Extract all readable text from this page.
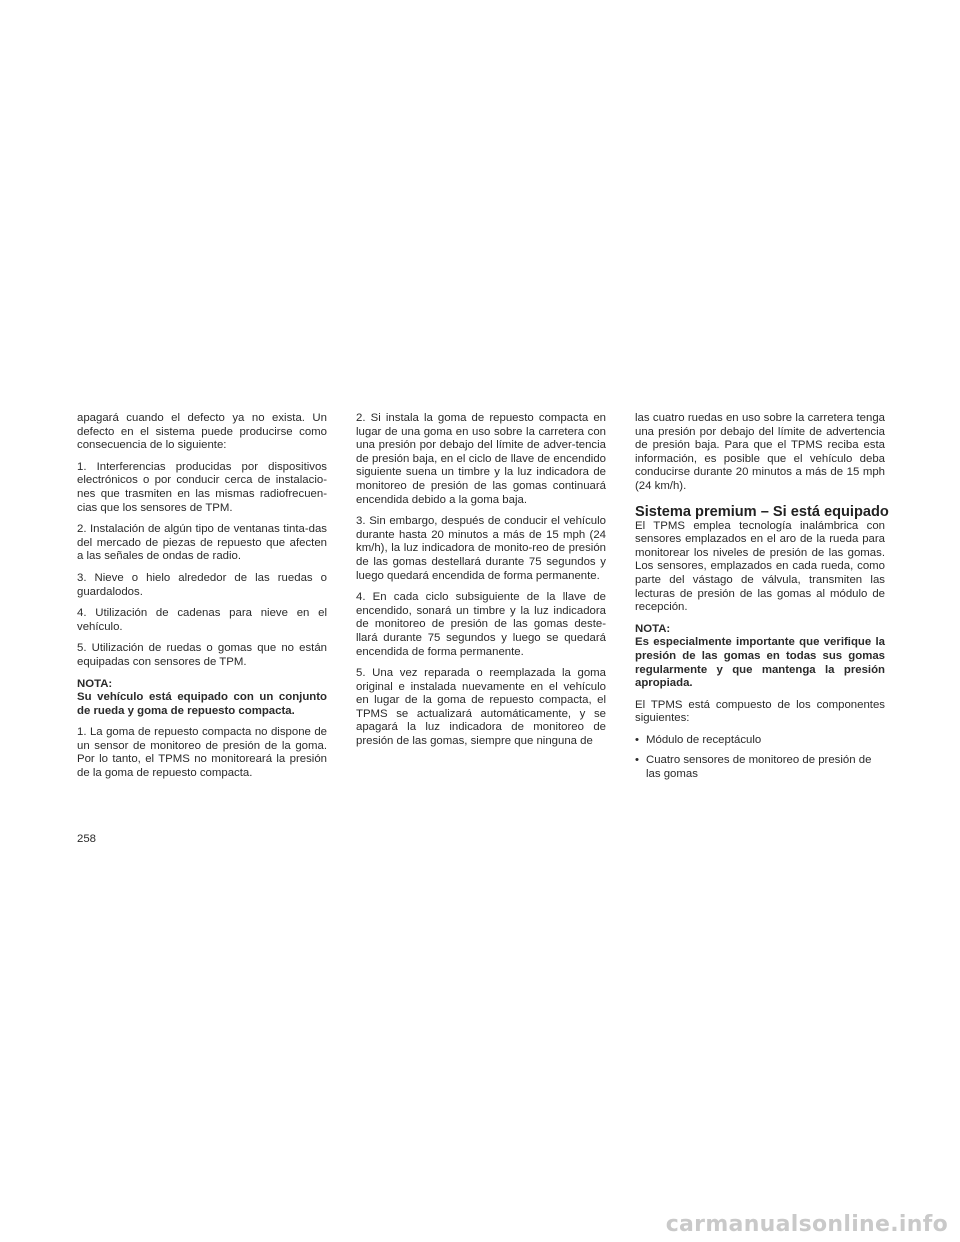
apagará cuando el defecto ya no exista. Un defecto en el sistema puede producirse como consecuencia de lo siguiente:

1. Interferencias producidas por dispositivos electrónicos o por conducir cerca de instalacio-nes que trasmiten en las mismas radiofrecuen-cias que los sensores de TPM.

2. Instalación de algún tipo de ventanas tinta-das del mercado de piezas de repuesto que afecten a las señales de ondas de radio.

3. Nieve o hielo alrededor de las ruedas o guardalodos.

4. Utilización de cadenas para nieve en el vehículo.

5. Utilización de ruedas o gomas que no están equipadas con sensores de TPM.

NOTA:

Su vehículo está equipado con un conjunto de rueda y goma de repuesto compacta.

1. La goma de repuesto compacta no dispone de un sensor de monitoreo de presión de la goma. Por lo tanto, el TPMS no monitoreará la presión de la goma de repuesto compacta.

2. Si instala la goma de repuesto compacta en lugar de una goma en uso sobre la carretera con una presión por debajo del límite de adver-tencia de presión baja, en el ciclo de llave de encendido siguiente suena un timbre y la luz indicadora de monitoreo de presión de las gomas continuará encendida debido a la goma baja.

3. Sin embargo, después de conducir el vehículo durante hasta 20 minutos a más de 15 mph (24 km/h), la luz indicadora de monito-reo de presión de las gomas destellará durante 75 segundos y luego quedará encendida de forma permanente.

4. En cada ciclo subsiguiente de la llave de encendido, sonará un timbre y la luz indicadora de monitoreo de presión de las gomas deste-llará durante 75 segundos y luego se quedará encendida de forma permanente.

5. Una vez reparada o reemplazada la goma original e instalada nuevamente en el vehículo en lugar de la goma de repuesto compacta, el TPMS se actualizará automáticamente, y se apagará la luz indicadora de monitoreo de presión de las gomas, siempre que ninguna de

las cuatro ruedas en uso sobre la carretera tenga una presión por debajo del límite de advertencia de presión baja. Para que el TPMS reciba esta información, es posible que el vehículo deba conducirse durante 20 minutos a más de 15 mph (24 km/h).

Sistema premium – Si está equipado

El TPMS emplea tecnología inalámbrica con sensores emplazados en el aro de la rueda para monitorear los niveles de presión de las gomas. Los sensores, emplazados en cada rueda, como parte del vástago de válvula, transmiten las lecturas de presión de las gomas al módulo de recepción.

NOTA:

Es especialmente importante que verifique la presión de las gomas en todas sus gomas regularmente y que mantenga la presión apropiada.

El TPMS está compuesto de los componentes siguientes:

• Módulo de receptáculo
• Cuatro sensores de monitoreo de presión de las gomas
258
carmanualsonline.info
